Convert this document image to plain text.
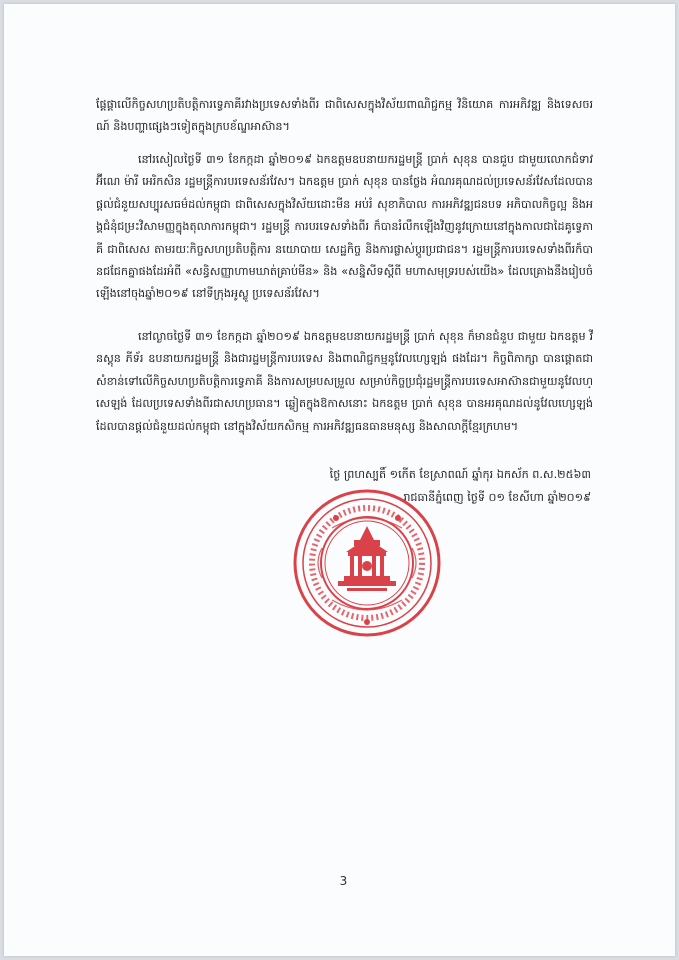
ផ្តែផ្តាលើកិច្ចសហប្រតិបត្តិការទ្វេភាគីរវាងប្រទេសទាំងពីរ ជាពិសេសក្នុងវិស័យពាណិជ្ជកម្ម វិនិយោគ ការអភិវឌ្ឍ និងទេសចរណ៍ និងបញ្ហាផ្សេងៗទៀតក្នុងក្របខ័ណ្ឌអាស៊ាន។

នៅរសៀលថ្ងៃទី ៣១ ខែកក្កដា ឆ្នាំ២០១៩ ឯកឧត្តមឧបនាយករដ្ឋមន្ត្រី ប្រាក់ សុខុន បានជួប ជាមួយលោកជំទាវ អ៊ីណេ ម៉ារី អេរិកសិន រដ្ឋមន្ត្រីការបរទេសន័រវែស។ ឯកឧត្តម ប្រាក់ សុខុន បានថ្លែង អំណរគុណដល់ប្រទេសន័រវែសដែលបានផ្តល់ជំនួយសប្បុរសធម៌ដល់កម្ពុជា ជាពិសេសក្នុងវិស័យដោះមីន អប់រំ សុខាភិបាល ការអភិវឌ្ឍជនបទ អភិបាលកិច្ចល្អ និងអង្គជំនុំជម្រះវិសាមញ្ញក្នុងតុលាការកម្ពុជា។ រដ្ឋមន្ត្រី ការបរទេសទាំងពីរ ក៏បានរំលឹកឡើងវិញនូវក្រោយនៅក្នុងកាលជាដៃគូទ្វេភាគី ជាពិសេស តាមរយៈកិច្ចសហប្រតិបត្តិការ នយោបាយ សេដ្ឋកិច្ច និងការផ្លាស់ប្តូរប្រជាជន។ រដ្ឋមន្ត្រីការបរទេសទាំងពីរក៏បានជជែកគ្នាផងដែរអំពី «សន្ធិសញ្ញាហាមឃាត់គ្រាប់មីន» និង «សន្និសីទស្តីពី មហាសមុទ្ររបស់យើង» ដែលគ្រោងនឹងរៀបចំ ឡើងនៅចុងឆ្នាំ២០១៩ នៅទីក្រុងអូស្លូ ប្រទេសន័រវែស។

នៅល្ងាចថ្ងៃទី ៣១ ខែកក្កដា ឆ្នាំ២០១៩ ឯកឧត្តមឧបនាយករដ្ឋមន្ត្រី ប្រាក់ សុខុន ក៏មានជំនួប ជាមួយ ឯកឧត្តម វីនស្តុន ភីទ័រ ឧបនាយករដ្ឋមន្ត្រី និងជារដ្ឋមន្ត្រីការបរទេស និងពាណិជ្ជកម្មនូវែលហ្សេឡង់ ផងដែរ។ កិច្ចពិភាក្សា បានផ្តោតជាសំខាន់ទៅលើកិច្ចសហប្រតិបត្តិការទ្វេភាគី និងការសម្របសម្រួល សម្រាប់កិច្ចប្រជុំរដ្ឋមន្ត្រីការបរទេសអាស៊ានជាមួយនូវែលហ្សេឡង់ ដែលប្រទេសទាំងពីរជាសហប្រធាន។ ឆ្លៀតក្នុងឱកាសនោះ ឯកឧត្តម ប្រាក់ សុខុន បានអរគុណដល់នូវែលហ្សេឡង់ ដែលបានផ្តល់ជំនួយដល់កម្ពុជា នៅក្នុងវិស័យកសិកម្ម ការអភិវឌ្ឍធនធានមនុស្ស និងសាលាក្តីខ្មែរក្រហម។

ថ្ងៃ ព្រហស្បតិ៍ ១កើត ខែស្រាពណ៍ ឆ្នាំកុរ ឯកស័ក ព.ស.២៥៦៣
រាជធានីភ្នំពេញ ថ្ងៃទី ០១ ខែសីហា ឆ្នាំ២០១៩
3
